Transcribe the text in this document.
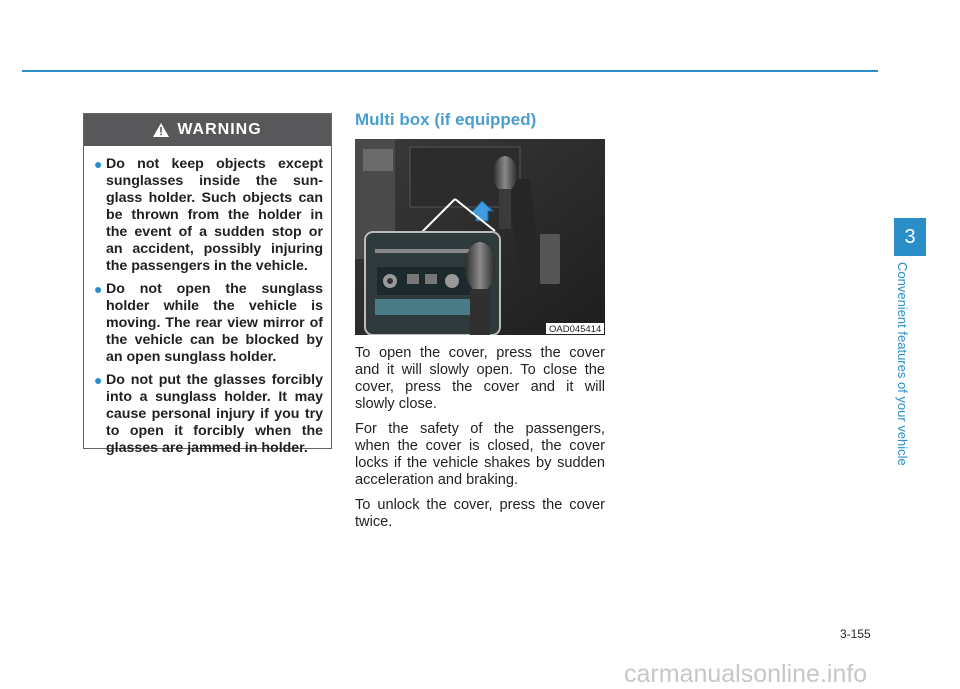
WARNING
● Do not keep objects except sunglasses inside the sun-glass holder. Such objects can be thrown from the holder in the event of a sudden stop or an accident, possibly injuring the passengers in the vehicle.
● Do not open the sunglass holder while the vehicle is moving. The rear view mirror of the vehicle can be blocked by an open sunglass holder.
● Do not put the glasses forcibly into a sunglass holder. It may cause personal injury if you try to open it forcibly when the glasses are jammed in holder.
Multi box (if equipped)
OAD045414

To open the cover, press the cover and it will slowly open. To close the cover, press the cover and it will slowly close.

For the safety of the passengers, when the cover is closed, the cover locks if the vehicle shakes by sudden acceleration and braking.

To unlock the cover, press the cover twice.

3
Convenient features of your vehicle
3-155
carmanualsonline.info
